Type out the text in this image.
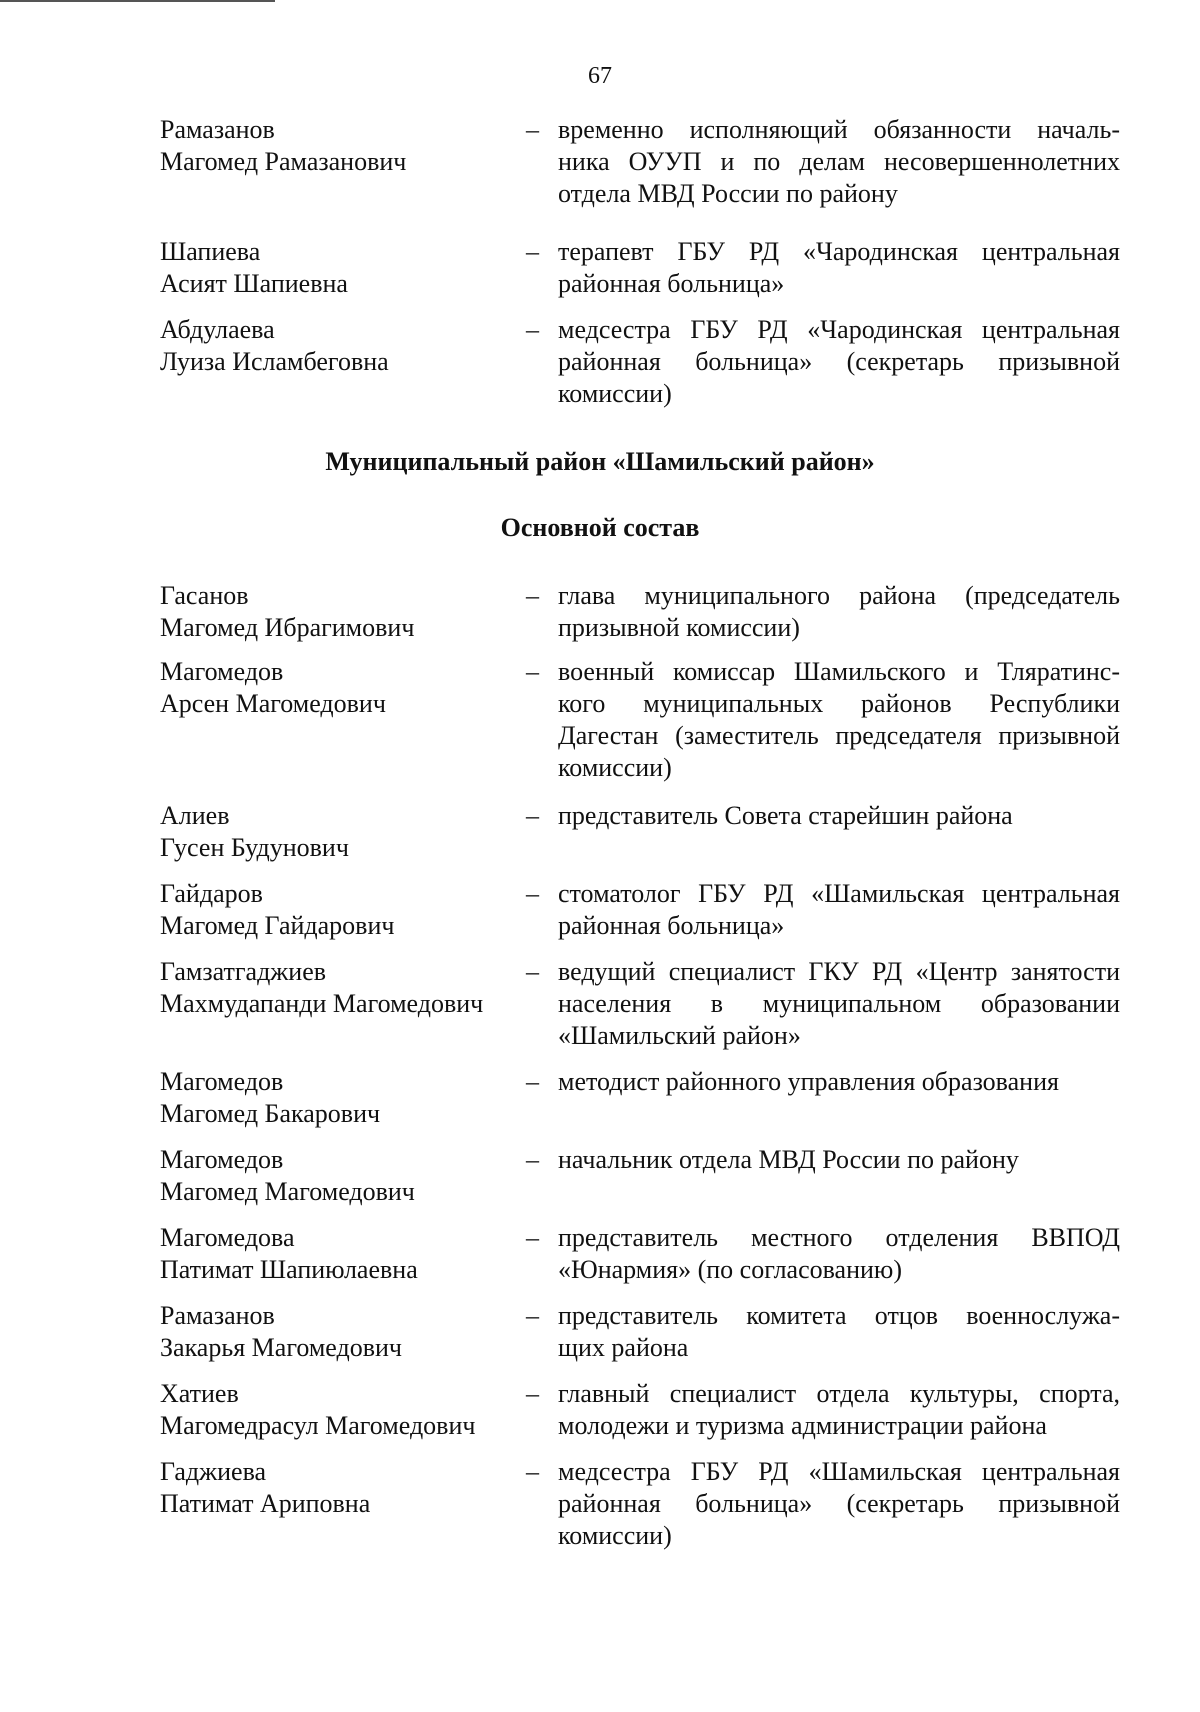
67
Рамазанов
Магомед Рамазанович
– временно исполняющий обязанности началь-
ника ОУУП и по делам несовершеннолетних
отдела МВД России по району
Шапиева
Асият Шапиевна
– терапевт ГБУ РД «Чародинская центральная
районная больница»
Абдулаева
Луиза Исламбеговна
– медсестра ГБУ РД «Чародинская центральная
районная больница» (секретарь призывной
комиссии)
Муниципальный район «Шамильский район»
Основной состав
Гасанов
Магомед Ибрагимович
– глава муниципального района (председатель
призывной комиссии)
Магомедов
Арсен Магомедович
– военный комиссар Шамильского и Тляратинс-
кого муниципальных районов Республики
Дагестан (заместитель председателя призывной
комиссии)
Алиев
Гусен Будунович
– представитель Совета старейшин района
Гайдаров
Магомед Гайдарович
– стоматолог ГБУ РД «Шамильская центральная
районная больница»
Гамзатгаджиев
Махмудапанди Магомедович
– ведущий специалист ГКУ РД «Центр занятости
населения в муниципальном образовании
«Шамильский район»
Магомедов
Магомед Бакарович
– методист районного управления образования
Магомедов
Магомед Магомедович
– начальник отдела МВД России по району
Магомедова
Патимат Шапиюлаевна
– представитель местного отделения ВВПОД
«Юнармия» (по согласованию)
Рамазанов
Закарья Магомедович
– представитель комитета отцов военнослужа-
щих района
Хатиев
Магомедрасул Магомедович
– главный специалист отдела культуры, спорта,
молодежи и туризма администрации района
Гаджиева
Патимат Ариповна
– медсестра ГБУ РД «Шамильская центральная
районная больница» (секретарь призывной
комиссии)
